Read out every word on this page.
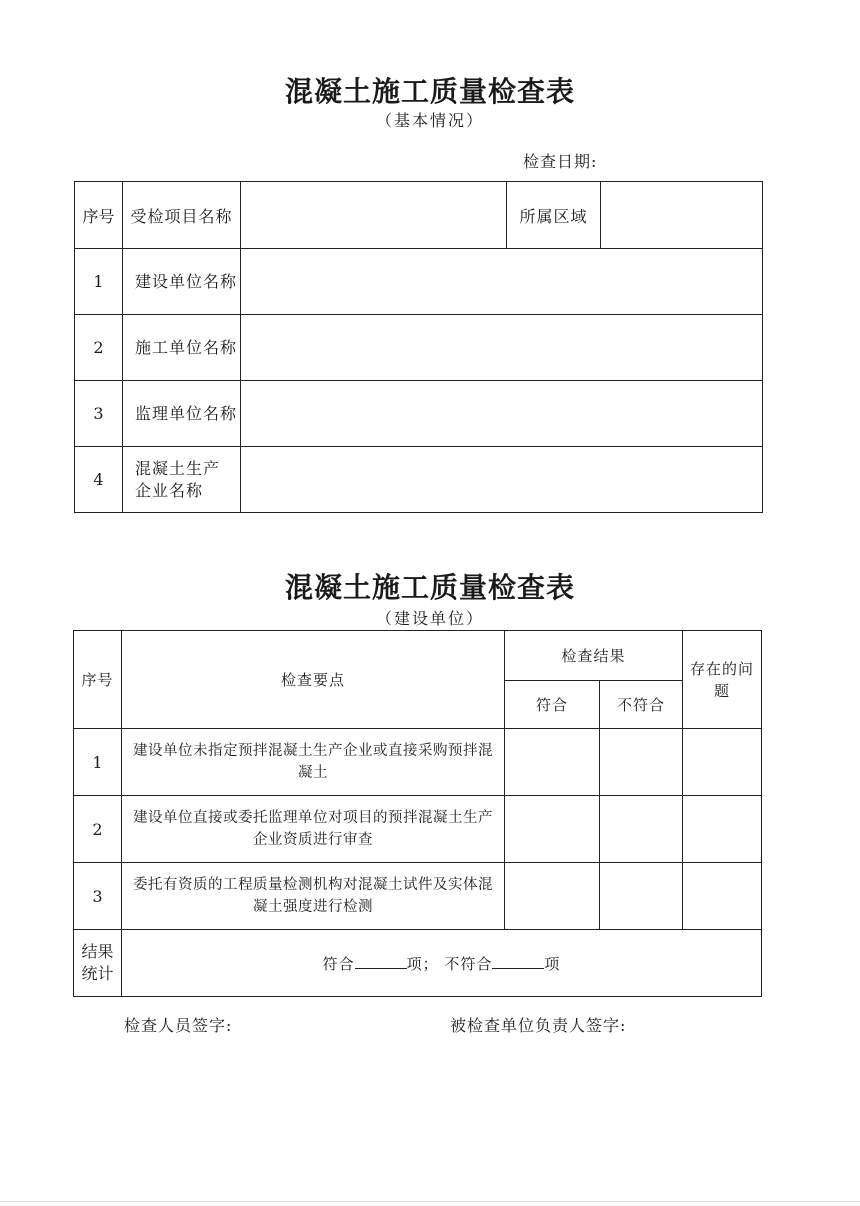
混凝土施工质量检查表
（基本情况）
检查日期:
序号	受检项目名称		所属区域	
1	建设单位名称			
2	施工单位名称			
3	监理单位名称			
4	混凝土生产企业名称			
混凝土施工质量检查表
（建设单位）
序号	检查要点	检查结果		存在的问题
		符合	不符合	
1	建设单位未指定预拌混凝土生产企业或直接采购预拌混凝土			
2	建设单位直接或委托监理单位对项目的预拌混凝土生产企业资质进行审查			
3	委托有资质的工程质量检测机构对混凝土试件及实体混凝土强度进行检测			
结果统计	符合 项； 不符合 项			
检查人员签字:	被检查单位负责人签字:
